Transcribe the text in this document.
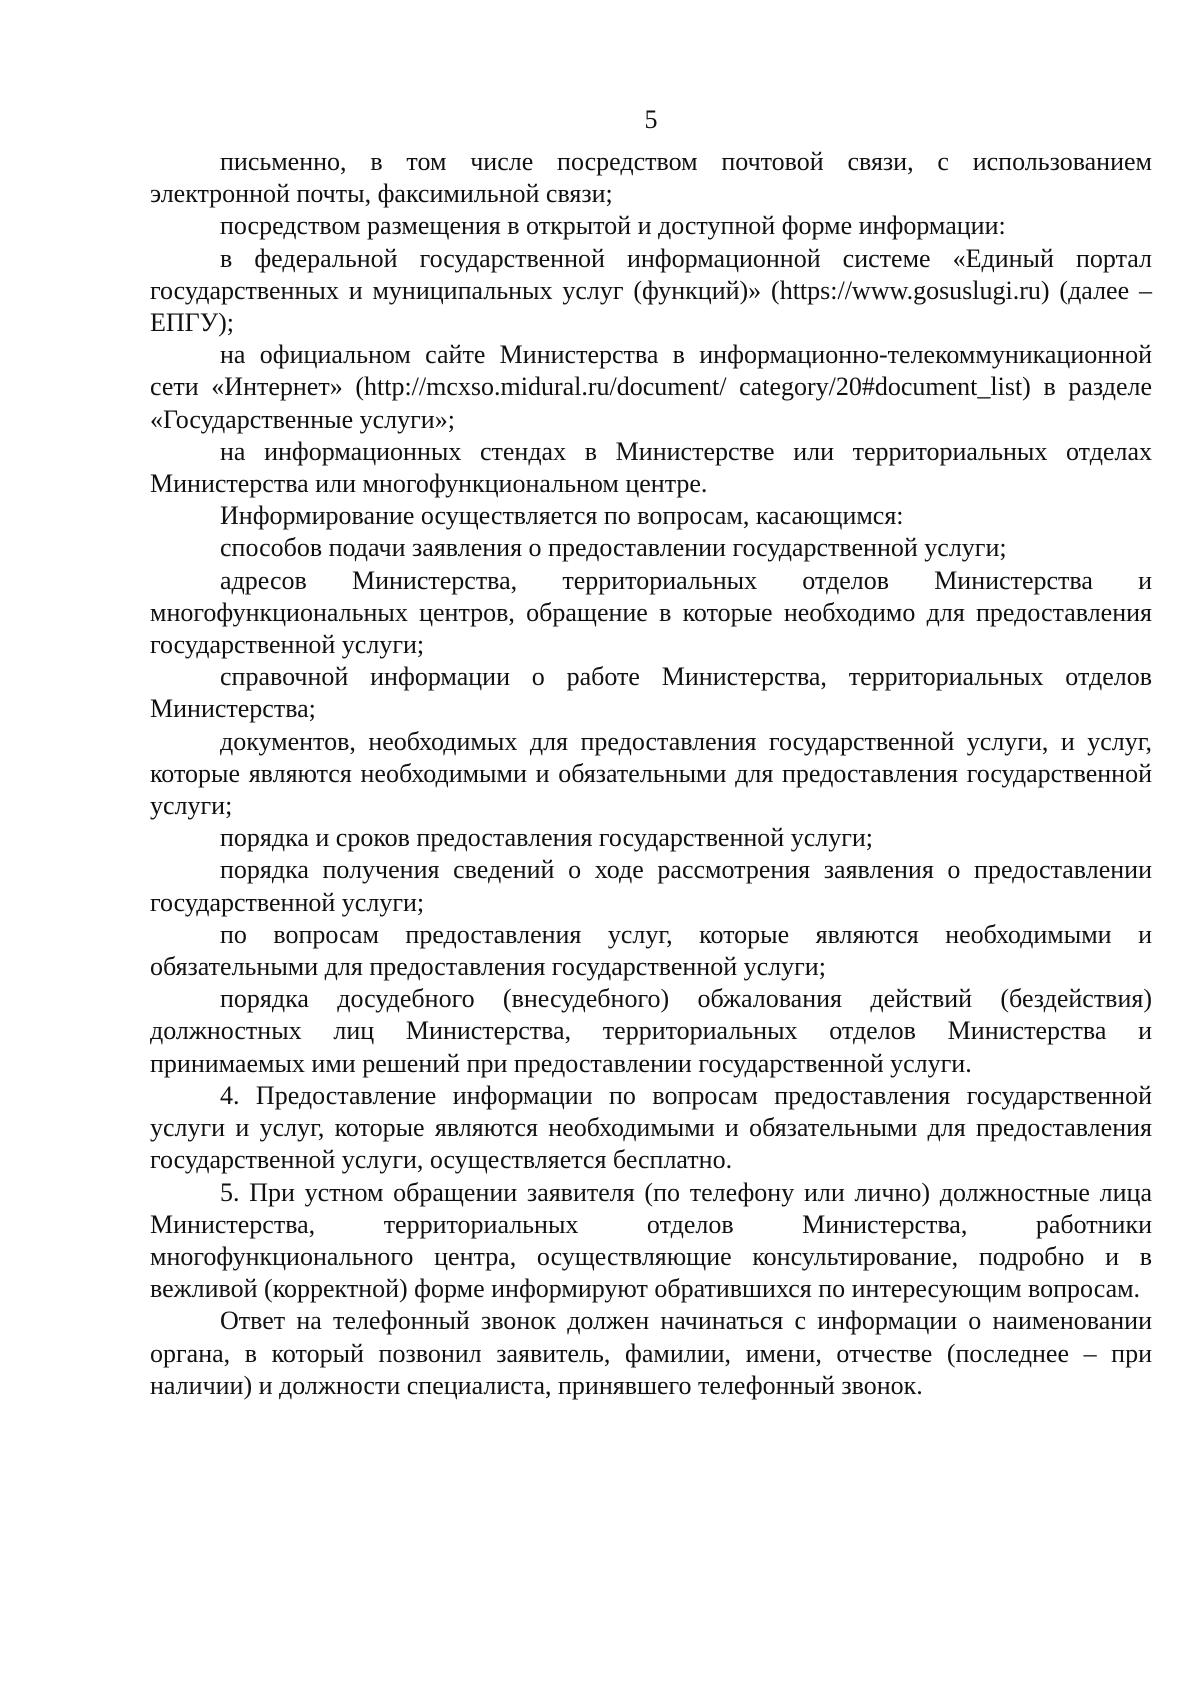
5

письменно, в том числе посредством почтовой связи, с использованием электронной почты, факсимильной связи;

посредством размещения в открытой и доступной форме информации:

в федеральной государственной информационной системе «Единый портал государственных и муниципальных услуг (функций)» (https://www.gosuslugi.ru) (далее – ЕПГУ);

на официальном сайте Министерства в информационно-телекоммуникационной сети «Интернет» (http://mcxso.midural.ru/document/ category/20#document_list) в разделе «Государственные услуги»;

на информационных стендах в Министерстве или территориальных отделах Министерства или многофункциональном центре.

Информирование осуществляется по вопросам, касающимся:

способов подачи заявления о предоставлении государственной услуги;

адресов Министерства, территориальных отделов Министерства и многофункциональных центров, обращение в которые необходимо для предоставления государственной услуги;

справочной информации о работе Министерства, территориальных отделов Министерства;

документов, необходимых для предоставления государственной услуги, и услуг, которые являются необходимыми и обязательными для предоставления государственной услуги;

порядка и сроков предоставления государственной услуги;

порядка получения сведений о ходе рассмотрения заявления о предоставлении государственной услуги;

по вопросам предоставления услуг, которые являются необходимыми и обязательными для предоставления государственной услуги;

порядка досудебного (внесудебного) обжалования действий (бездействия) должностных лиц Министерства, территориальных отделов Министерства и принимаемых ими решений при предоставлении государственной услуги.

4. Предоставление информации по вопросам предоставления государственной услуги и услуг, которые являются необходимыми и обязательными для предоставления государственной услуги, осуществляется бесплатно.

5. При устном обращении заявителя (по телефону или лично) должностные лица Министерства, территориальных отделов Министерства, работники многофункционального центра, осуществляющие консультирование, подробно и в вежливой (корректной) форме информируют обратившихся по интересующим вопросам.

Ответ на телефонный звонок должен начинаться с информации о наименовании органа, в который позвонил заявитель, фамилии, имени, отчестве (последнее – при наличии) и должности специалиста, принявшего телефонный звонок.
